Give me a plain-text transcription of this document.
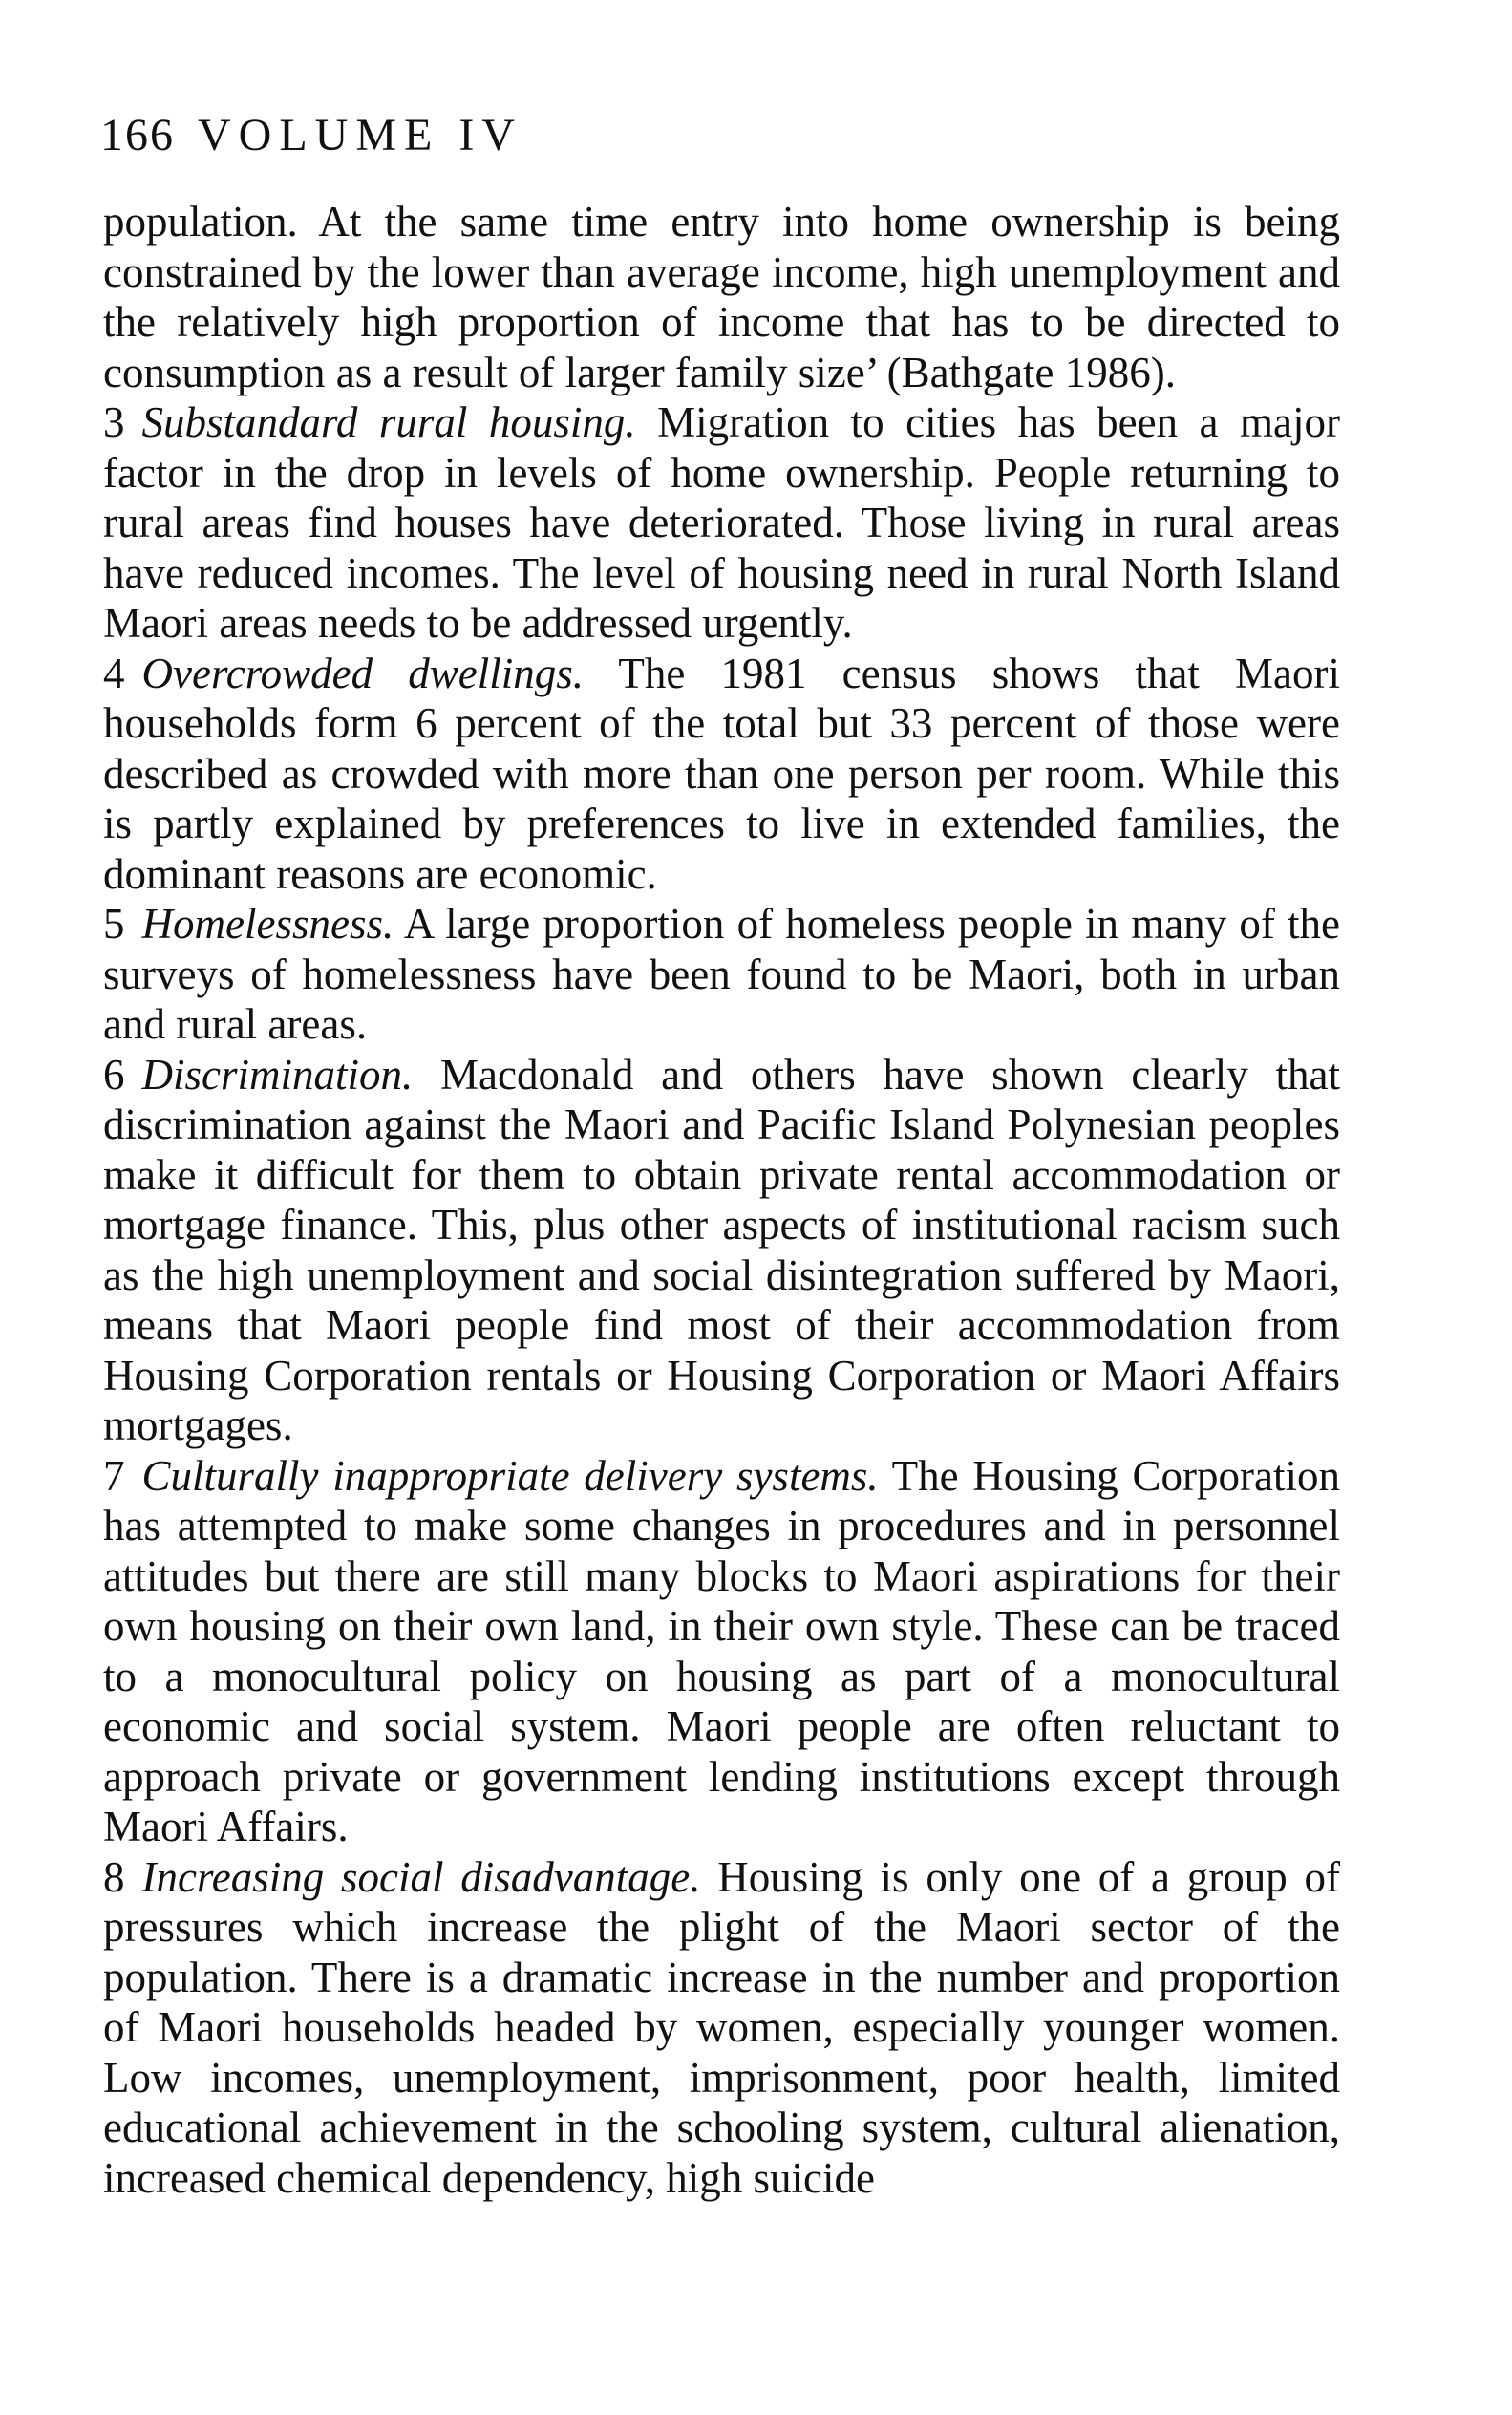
166 VOLUME IV

population. At the same time entry into home ownership is being constrained by the lower than average income, high unemployment and the relatively high proportion of income that has to be directed to consumption as a result of larger family size’ (Bathgate 1986).

3 Substandard rural housing. Migration to cities has been a major factor in the drop in levels of home ownership. People returning to rural areas find houses have deteriorated. Those living in rural areas have reduced incomes. The level of housing need in rural North Island Maori areas needs to be addressed urgently.

4 Overcrowded dwellings. The 1981 census shows that Maori households form 6 percent of the total but 33 percent of those were described as crowded with more than one person per room. While this is partly explained by preferences to live in extended families, the dominant reasons are economic.

5 Homelessness. A large proportion of homeless people in many of the surveys of homelessness have been found to be Maori, both in urban and rural areas.

6 Discrimination. Macdonald and others have shown clearly that discrimination against the Maori and Pacific Island Polynesian peoples make it difficult for them to obtain private rental accommodation or mortgage finance. This, plus other aspects of institutional racism such as the high unemployment and social disintegration suffered by Maori, means that Maori people find most of their accommodation from Housing Corporation rentals or Housing Corporation or Maori Affairs mortgages.

7 Culturally inappropriate delivery systems. The Housing Corporation has attempted to make some changes in procedures and in personnel attitudes but there are still many blocks to Maori aspirations for their own housing on their own land, in their own style. These can be traced to a monocultural policy on housing as part of a monocultural economic and social system. Maori people are often reluctant to approach private or government lending institutions except through Maori Affairs.

8 Increasing social disadvantage. Housing is only one of a group of pressures which increase the plight of the Maori sector of the population. There is a dramatic increase in the number and proportion of Maori households headed by women, especially younger women. Low incomes, unemployment, imprisonment, poor health, limited educational achievement in the schooling system, cultural alienation, increased chemical dependency, high suicide
